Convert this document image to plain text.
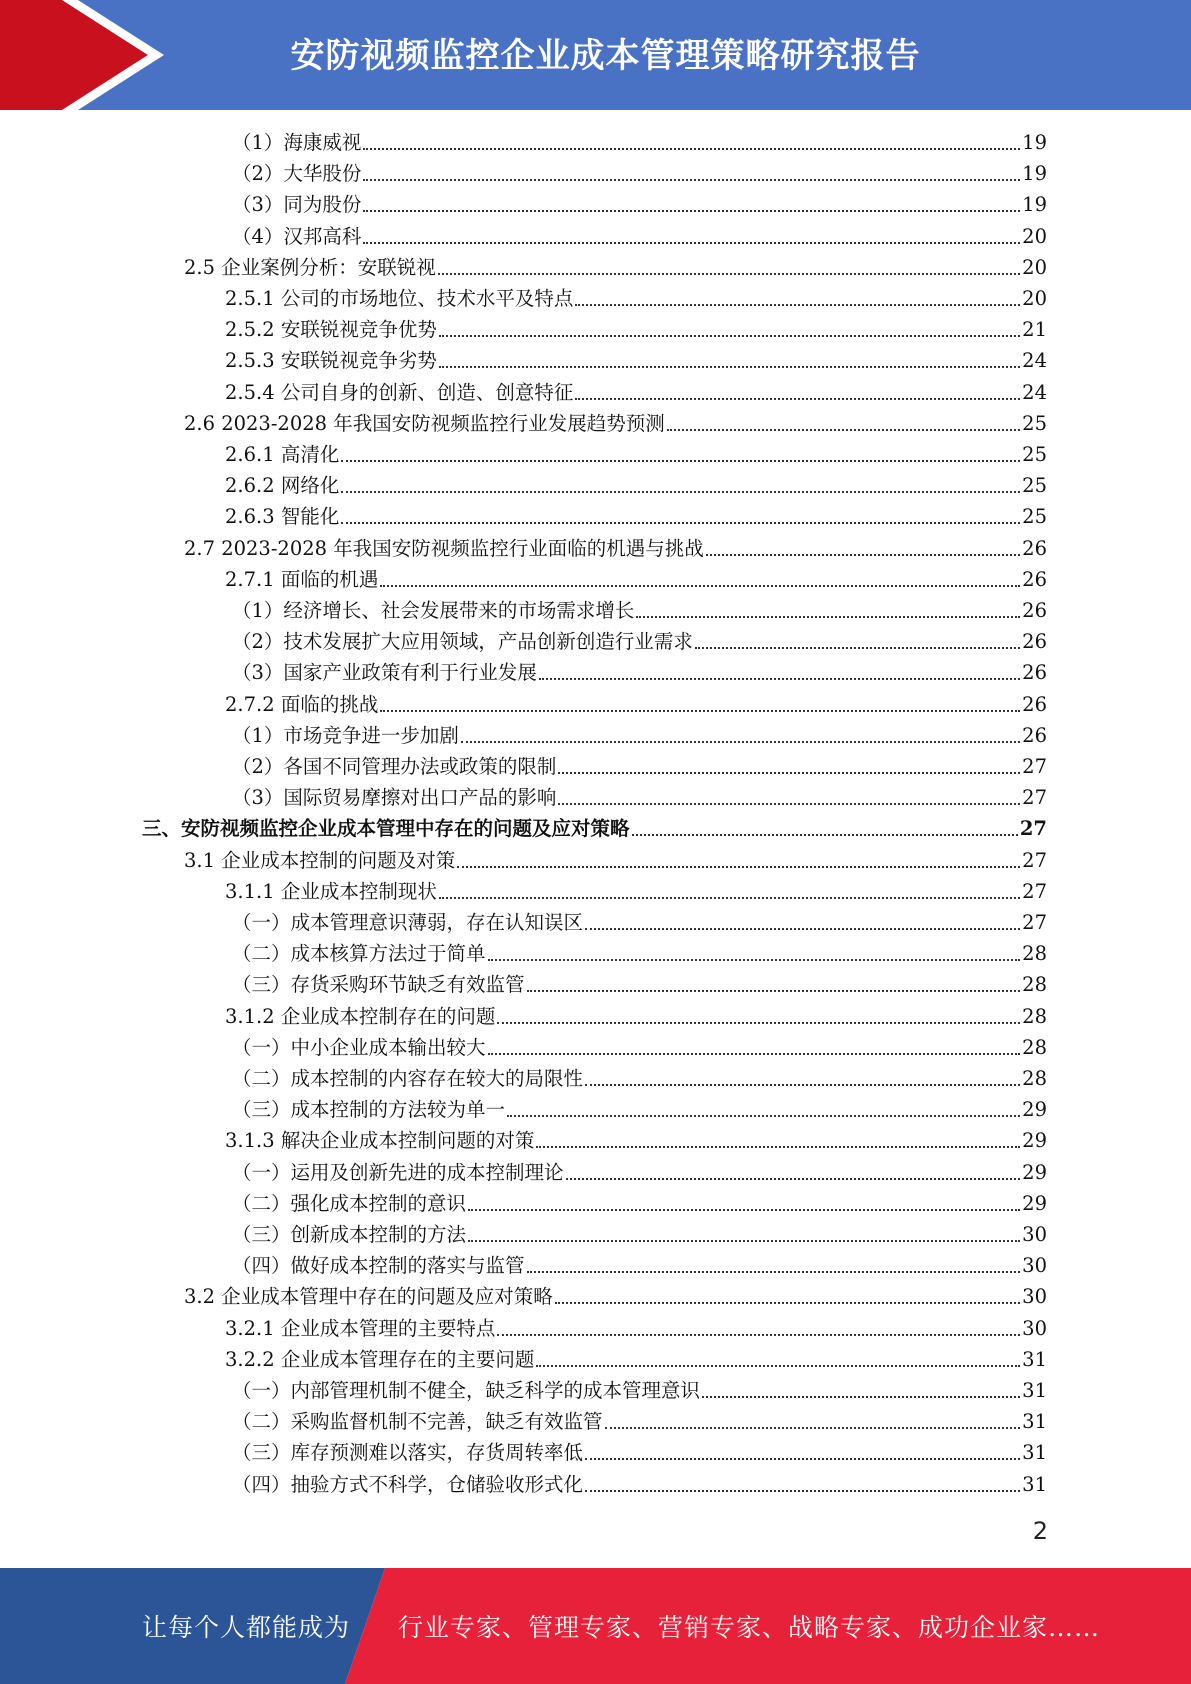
安防视频监控企业成本管理策略研究报告
（1）海康威视	19
（2）大华股份	19
（3）同为股份	19
（4）汉邦高科	20
2.5 企业案例分析：安联锐视	20
2.5.1 公司的市场地位、技术水平及特点	20
2.5.2 安联锐视竞争优势	21
2.5.3 安联锐视竞争劣势	24
2.5.4 公司自身的创新、创造、创意特征	24
2.6 2023-2028 年我国安防视频监控行业发展趋势预测	25
2.6.1 高清化	25
2.6.2 网络化	25
2.6.3 智能化	25
2.7 2023-2028 年我国安防视频监控行业面临的机遇与挑战	26
2.7.1 面临的机遇	26
（1）经济增长、社会发展带来的市场需求增长	26
（2）技术发展扩大应用领域，产品创新创造行业需求	26
（3）国家产业政策有利于行业发展	26
2.7.2 面临的挑战	26
（1）市场竞争进一步加剧	26
（2）各国不同管理办法或政策的限制	27
（3）国际贸易摩擦对出口产品的影响	27
三、安防视频监控企业成本管理中存在的问题及应对策略	27
3.1 企业成本控制的问题及对策	27
3.1.1 企业成本控制现状	27
（一）成本管理意识薄弱，存在认知误区	27
（二）成本核算方法过于简单	28
（三）存货采购环节缺乏有效监管	28
3.1.2 企业成本控制存在的问题	28
（一）中小企业成本输出较大	28
（二）成本控制的内容存在较大的局限性	28
（三）成本控制的方法较为单一	29
3.1.3 解决企业成本控制问题的对策	29
（一）运用及创新先进的成本控制理论	29
（二）强化成本控制的意识	29
（三）创新成本控制的方法	30
（四）做好成本控制的落实与监管	30
3.2 企业成本管理中存在的问题及应对策略	30
3.2.1 企业成本管理的主要特点	30
3.2.2 企业成本管理存在的主要问题	31
（一）内部管理机制不健全，缺乏科学的成本管理意识	31
（二）采购监督机制不完善，缺乏有效监管	31
（三）库存预测难以落实，存货周转率低	31
（四）抽验方式不科学，仓储验收形式化	31
2
让每个人都能成为 行业专家、管理专家、营销专家、战略专家、成功企业家……
